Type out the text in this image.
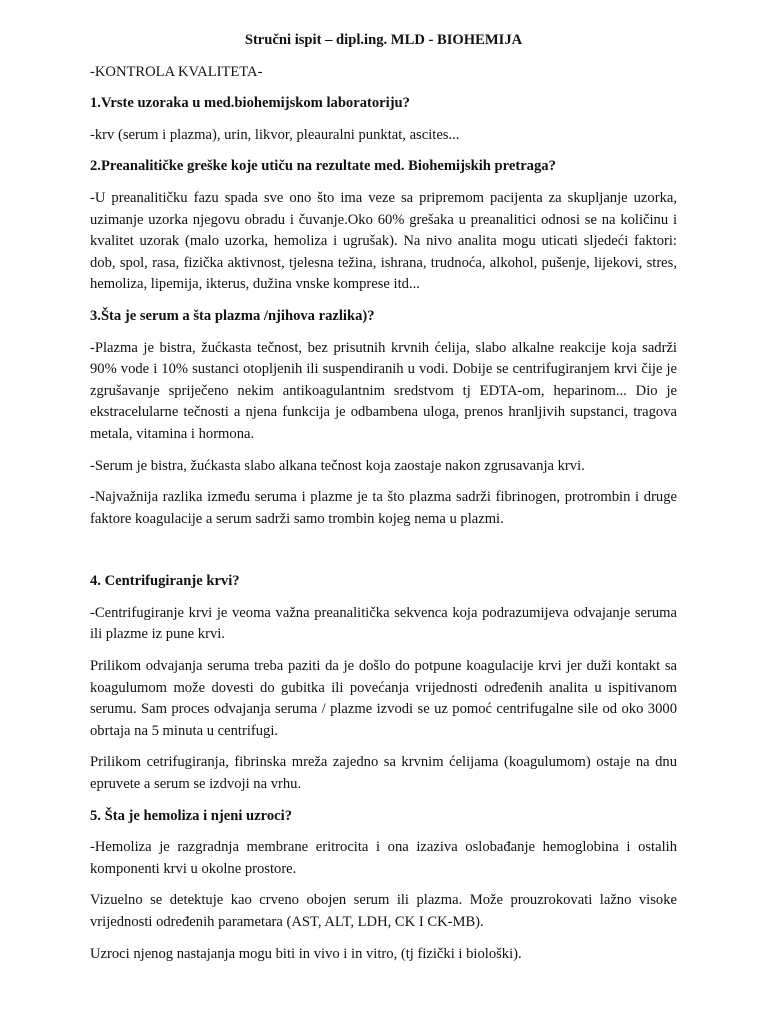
Stručni ispit – dipl.ing. MLD - BIOHEMIJA
-KONTROLA KVALITETA-
1.Vrste uzoraka u med.biohemijskom laboratoriju?
-krv (serum i plazma), urin, likvor, pleauralni punktat, ascites...
2.Preanalitičke greške koje utiču na rezultate med. Biohemijskih pretraga?
-U preanalitičku fazu spada sve ono što ima veze sa pripremom pacijenta za skupljanje uzorka, uzimanje uzorka njegovu obradu i čuvanje.Oko 60% grešaka u preanalitici odnosi se na količinu i kvalitet uzorak (malo uzorka, hemoliza i ugrušak). Na nivo analita mogu uticati sljedeći faktori: dob, spol, rasa, fizička aktivnost, tjelesna težina, ishrana, trudnoća, alkohol, pušenje, lijekovi, stres, hemoliza, lipemija, ikterus, dužina vnske kompresе itd...
3.Šta je serum a šta plazma /njihova razlika)?
-Plazma je bistra, žućkasta tečnost, bez prisutnih krvnih ćelija, slabo alkalne reakcije koja sadrži 90% vode i 10% sustanci otopljenih ili suspendiranih u vodi. Dobije se centrifugiranjem krvi čije je zgrušavanje spriječeno nekim antikoagulantnim sredstvom tj EDTA-om, heparinom... Dio je ekstracelularne tečnosti a njena funkcija je odbambena uloga, prenos hranljivih supstanci, tragova metala, vitamina i hormona.
-Serum je bistra, žućkasta slabo alkana tečnost koja zaostaje nakon zgrusavanja krvi.
-Najvažnija razlika između seruma i plazme je ta što plazma sadrži fibrinogen, protrombin i druge faktore koagulacije a serum sadrži samo trombin kojeg nema u plazmi.
4. Centrifugiranje krvi?
-Centrifugiranje krvi je veoma važna preanalitička sekvenca koja podrazumijeva odvajanje seruma ili plazme iz pune krvi.
Prilikom odvajanja seruma treba paziti da je došlo do potpune koagulacije krvi jer duži kontakt sa koagulumom može dovesti do gubitka ili povećanja vrijednosti određenih analita u ispitivanom serumu. Sam proces odvajanja seruma / plazme izvodi se uz pomoć centrifugalne sile od oko 3000 obrtaja na 5 minuta u centrifugi.
Prilikom cetrifugiranja, fibrinska mreža zajedno sa krvnim ćelijama (koagulumom) ostaje na dnu epruvete a serum se izdvoji na vrhu.
5. Šta je hemoliza i njeni uzroci?
-Hemoliza je razgradnja membrane eritrocita i ona izaziva oslobađanje hemoglobina i ostalih komponenti krvi u okolne prostore.
Vizuelno se detektuje kao crveno obojen serum ili plazma. Može prouzrokovati lažno visoke vrijednosti određenih parametara (AST, ALT, LDH, CK I CK-MB).
Uzroci njenog nastajanja mogu biti in vivo i in vitro, (tj fizički i biološki).
